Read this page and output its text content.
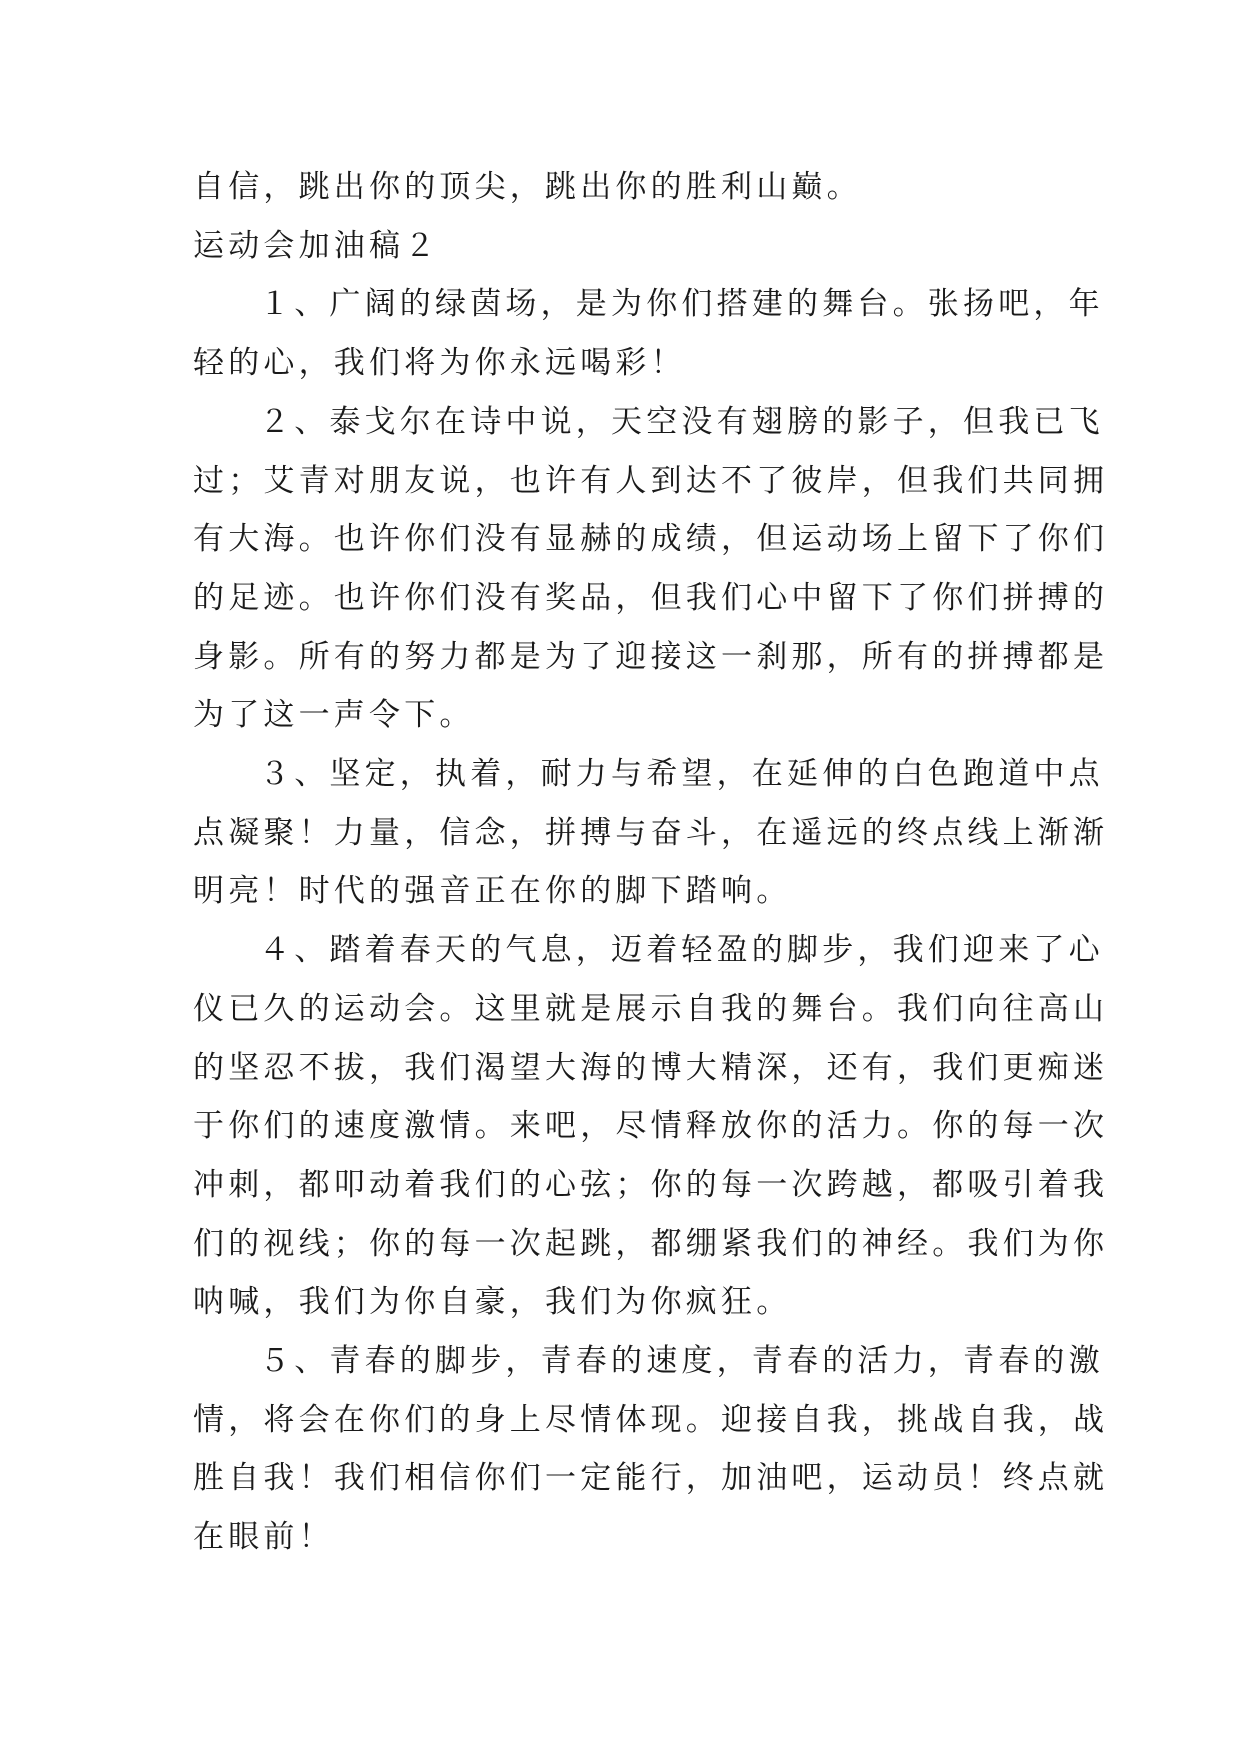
自信，跳出你的顶尖，跳出你的胜利山巅。

运动会加油稿２

１、广阔的绿茵场，是为你们搭建的舞台。张扬吧，年

轻的心，我们将为你永远喝彩！

２、泰戈尔在诗中说，天空没有翅膀的影子，但我已飞

过；艾青对朋友说，也许有人到达不了彼岸，但我们共同拥

有大海。也许你们没有显赫的成绩，但运动场上留下了你们

的足迹。也许你们没有奖品，但我们心中留下了你们拼搏的

身影。所有的努力都是为了迎接这一刹那，所有的拼搏都是

为了这一声令下。

３、坚定，执着，耐力与希望，在延伸的白色跑道中点

点凝聚！力量，信念，拼搏与奋斗，在遥远的终点线上渐渐

明亮！时代的强音正在你的脚下踏响。

４、踏着春天的气息，迈着轻盈的脚步，我们迎来了心

仪已久的运动会。这里就是展示自我的舞台。我们向往高山

的坚忍不拔，我们渴望大海的博大精深，还有，我们更痴迷

于你们的速度激情。来吧，尽情释放你的活力。你的每一次

冲刺，都叩动着我们的心弦；你的每一次跨越，都吸引着我

们的视线；你的每一次起跳，都绷紧我们的神经。我们为你

呐喊，我们为你自豪，我们为你疯狂。

５、青春的脚步，青春的速度，青春的活力，青春的激

情，将会在你们的身上尽情体现。迎接自我，挑战自我，战

胜自我！我们相信你们一定能行，加油吧，运动员！终点就

在眼前！
